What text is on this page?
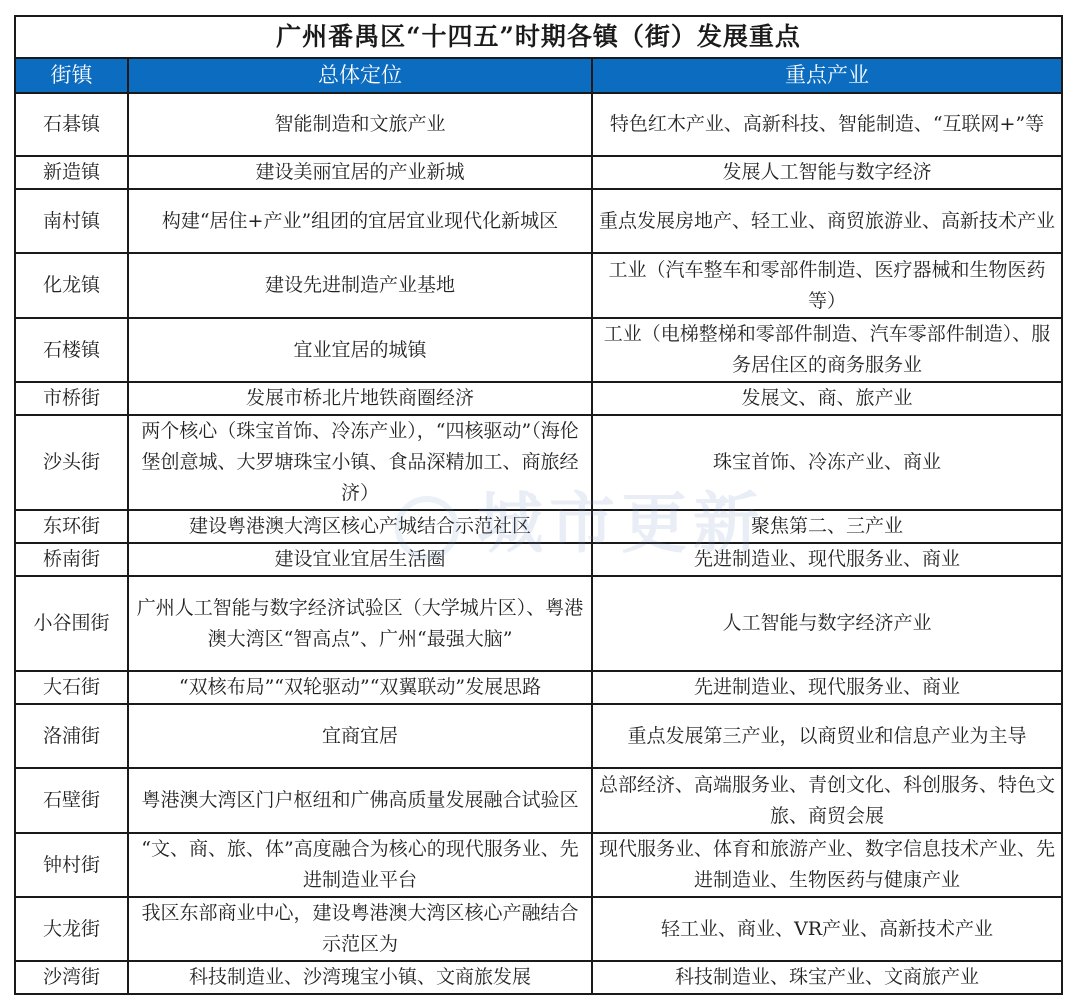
广州番禺区“十四五”时期各镇（街）发展重点		
街镇	总体定位	重点产业
石碁镇	智能制造和文旅产业	特色红木产业、高新科技、智能制造、“互联网+”等
新造镇	建设美丽宜居的产业新城	发展人工智能与数字经济
南村镇	构建“居住+产业”组团的宜居宜业现代化新城区	重点发展房地产、轻工业、商贸旅游业、高新技术产业
化龙镇	建设先进制造产业基地	工业（汽车整车和零部件制造、医疗器械和生物医药等）
石楼镇	宜业宜居的城镇	工业（电梯整梯和零部件制造、汽车零部件制造）、服务居住区的商务服务业
市桥街	发展市桥北片地铁商圈经济	发展文、商、旅产业
沙头街	两个核心（珠宝首饰、冷冻产业），“四核驱动”（海伦堡创意城、大罗塘珠宝小镇、食品深精加工、商旅经济）	珠宝首饰、冷冻产业、商业
东环街	建设粤港澳大湾区核心产城结合示范社区	聚焦第二、三产业
桥南街	建设宜业宜居生活圈	先进制造业、现代服务业、商业
小谷围街	广州人工智能与数字经济试验区（大学城片区）、粤港澳大湾区“智高点”、广州“最强大脑”	人工智能与数字经济产业
大石街	“双核布局”“双轮驱动”“双翼联动”发展思路	先进制造业、现代服务业、商业
洛浦街	宜商宜居	重点发展第三产业，以商贸业和信息产业为主导
石壁街	粤港澳大湾区门户枢纽和广佛高质量发展融合试验区	总部经济、高端服务业、青创文化、科创服务、特色文旅、商贸会展
钟村街	“文、商、旅、体”高度融合为核心的现代服务业、先进制造业平台	现代服务业、体育和旅游产业、数字信息技术产业、先进制造业、生物医药与健康产业
大龙街	我区东部商业中心，建设粤港澳大湾区核心产融结合示范区为	轻工业、商业、VR产业、高新技术产业
沙湾街	科技制造业、沙湾瑰宝小镇、文商旅发展	科技制造业、珠宝产业、文商旅产业
城市更新
